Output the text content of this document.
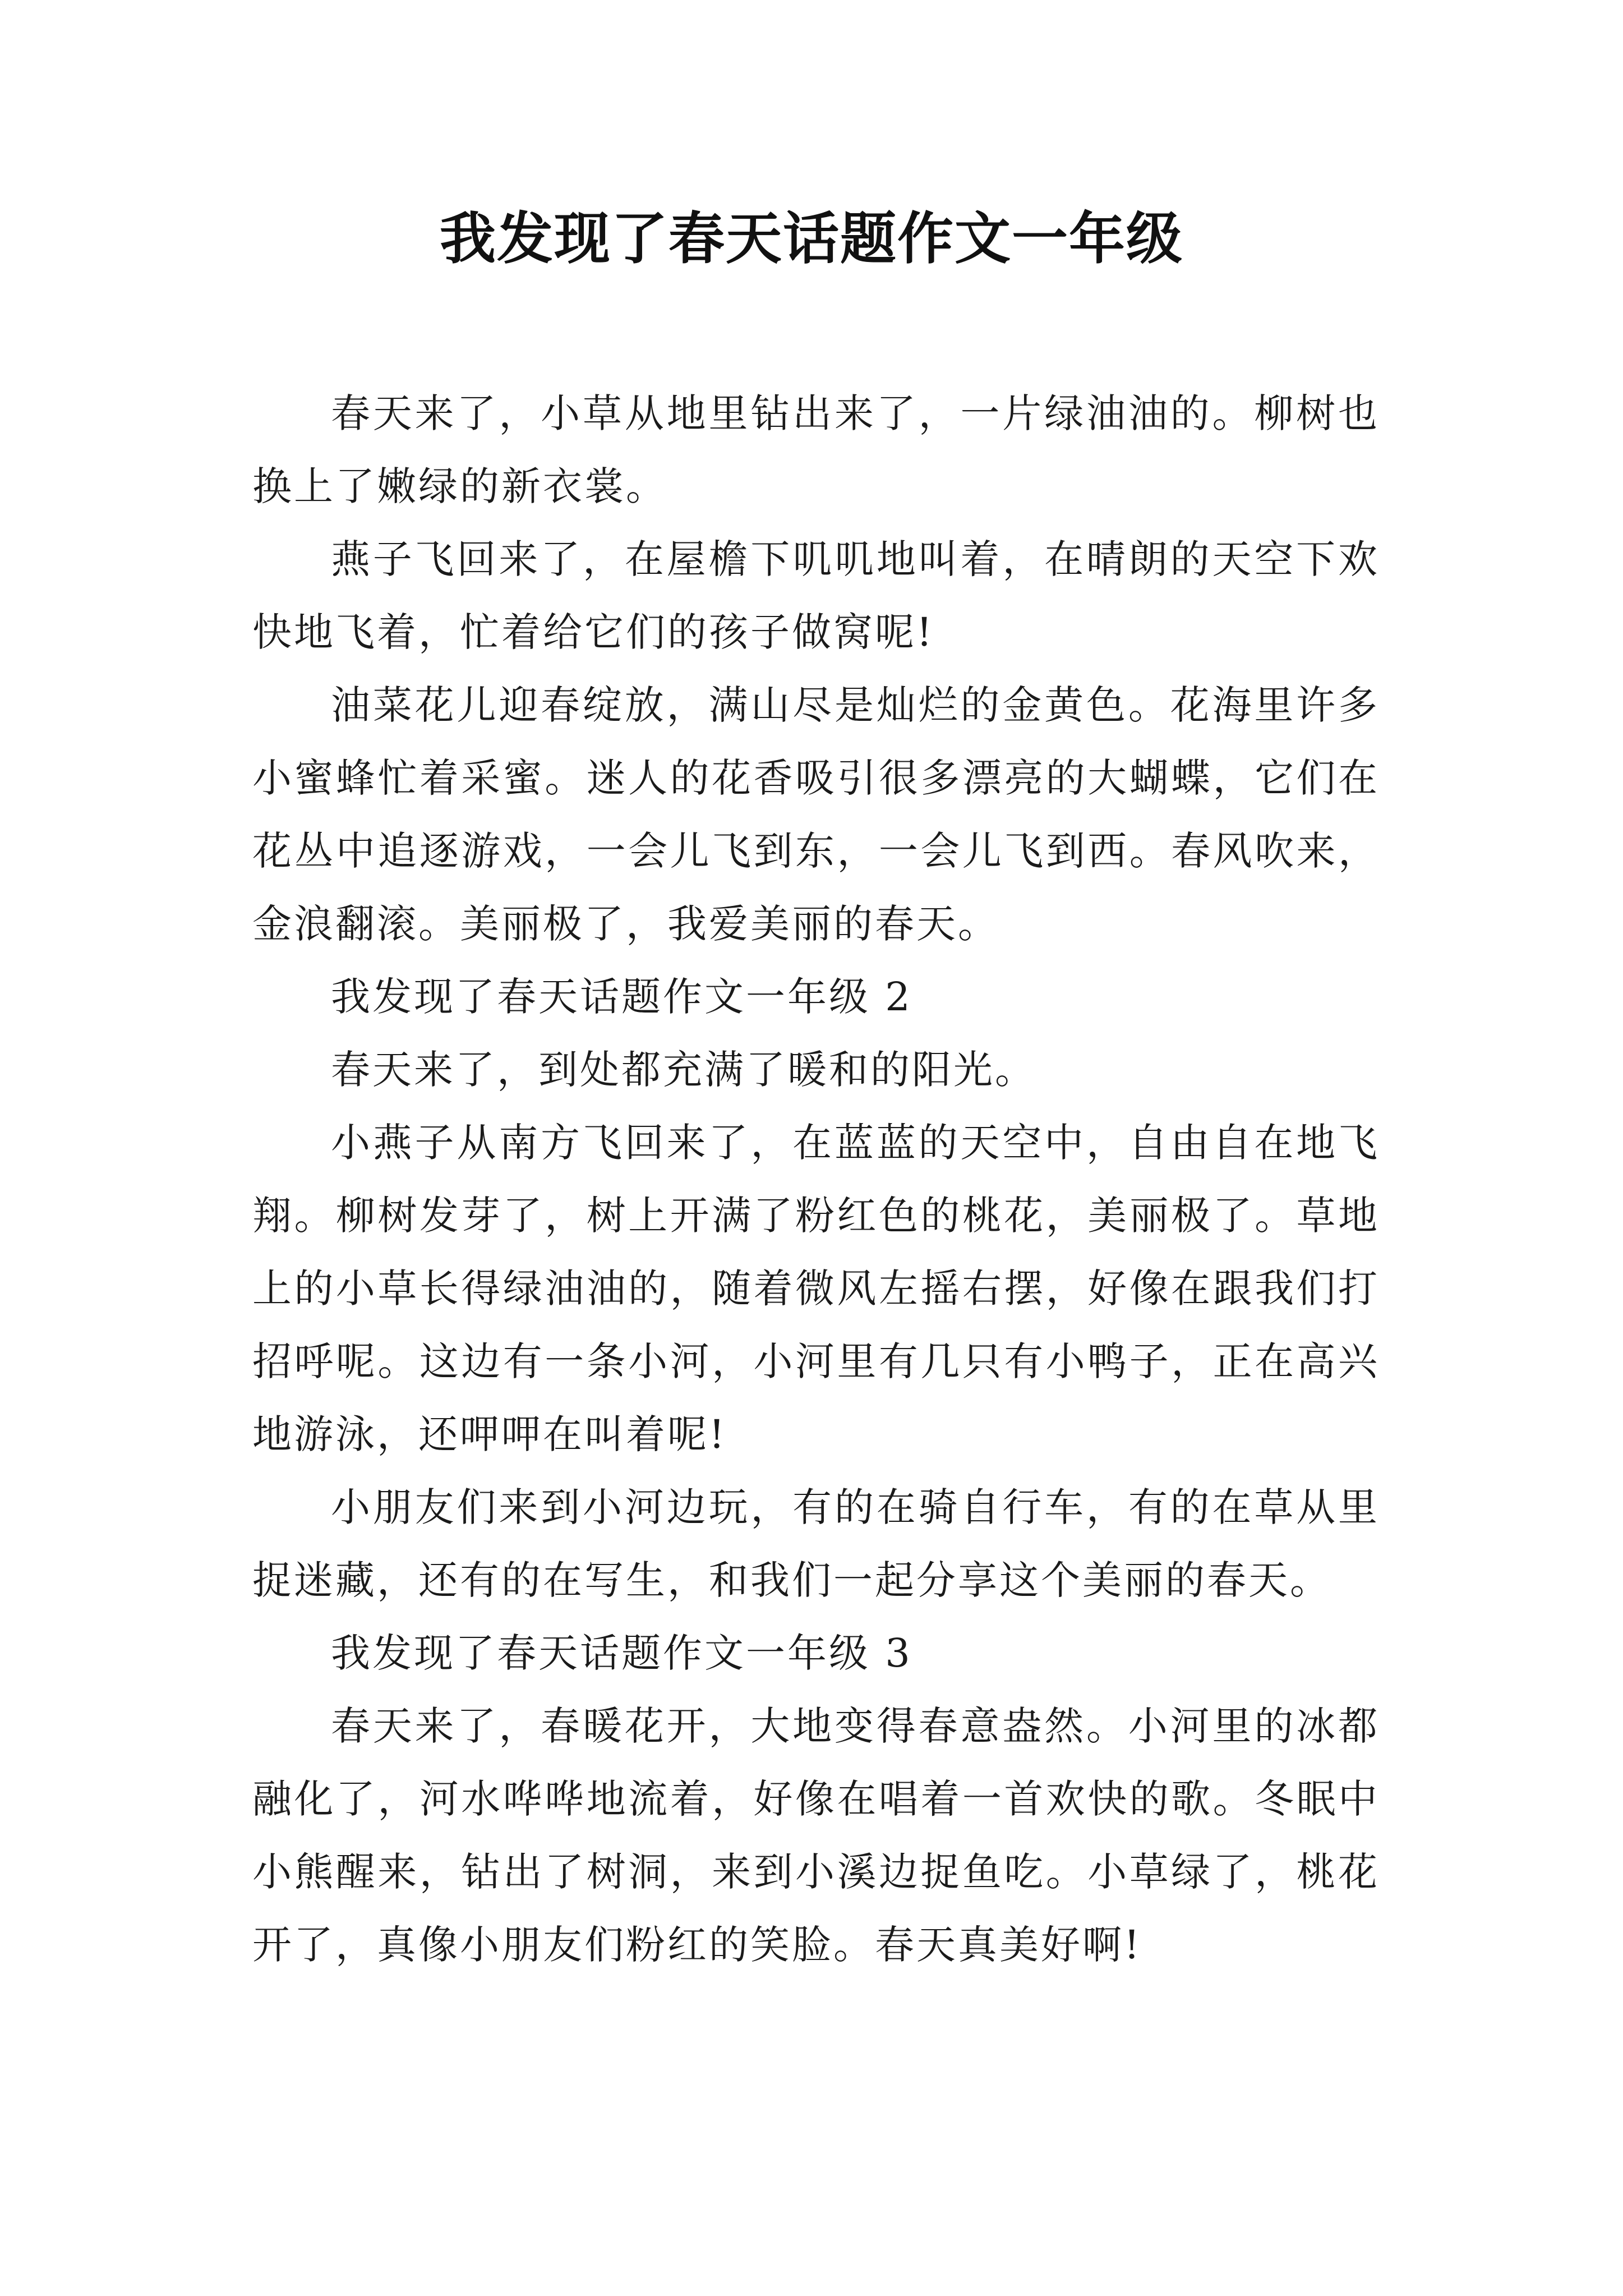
我发现了春天话题作文一年级

春天来了，小草从地里钻出来了，一片绿油油的。柳树也换上了嫩绿的新衣裳。

燕子飞回来了，在屋檐下叽叽地叫着，在晴朗的天空下欢快地飞着，忙着给它们的孩子做窝呢!

油菜花儿迎春绽放，满山尽是灿烂的金黄色。花海里许多小蜜蜂忙着采蜜。迷人的花香吸引很多漂亮的大蝴蝶，它们在花丛中追逐游戏，一会儿飞到东，一会儿飞到西。春风吹来，金浪翻滚。美丽极了，我爱美丽的春天。

我发现了春天话题作文一年级 2

春天来了，到处都充满了暖和的阳光。

小燕子从南方飞回来了，在蓝蓝的天空中，自由自在地飞翔。柳树发芽了，树上开满了粉红色的桃花，美丽极了。草地上的小草长得绿油油的，随着微风左摇右摆，好像在跟我们打招呼呢。这边有一条小河，小河里有几只有小鸭子，正在高兴地游泳，还呷呷在叫着呢!

小朋友们来到小河边玩，有的在骑自行车，有的在草从里捉迷藏，还有的在写生，和我们一起分享这个美丽的春天。

我发现了春天话题作文一年级 3

春天来了，春暖花开，大地变得春意盎然。小河里的冰都融化了，河水哗哗地流着，好像在唱着一首欢快的歌。冬眠中小熊醒来，钻出了树洞，来到小溪边捉鱼吃。小草绿了，桃花开了，真像小朋友们粉红的笑脸。春天真美好啊!
